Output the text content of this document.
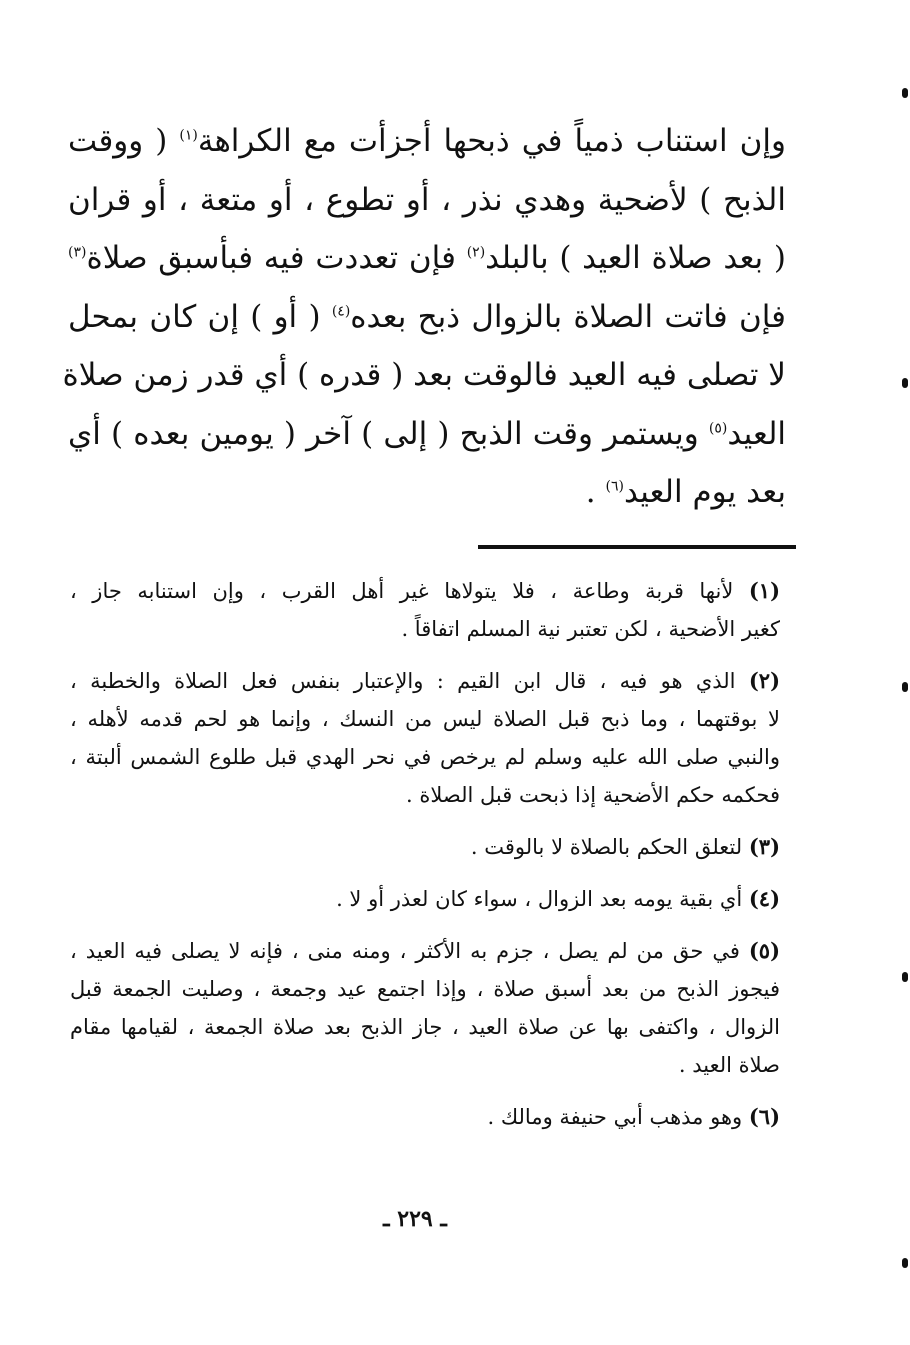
وإن استناب ذمياً في ذبحها أجزأت مع الكراهة$^{(١)}$ ( ووقت
الذبح ) لأضحية وهدي نذر ، أو تطوع ، أو متعة ، أو قران
( بعد صلاة العيد ) بالبلد$^{(٢)}$ فإن تعددت فيه فبأسبق صلاة$^{(٣)}$
فإن فاتت الصلاة بالزوال ذبح بعده$^{(٤)}$ ( أو ) إن كان بمحل
لا تصلى فيه العيد فالوقت بعد ( قدره ) أي قدر زمن صلاة
العيد$^{(٥)}$ ويستمر وقت الذبح ( إلى ) آخر ( يومين بعده ) أي
بعد يوم العيد$^{(٦)}$ .
(١) لأنها قربة وطاعة ، فلا يتولاها غير أهل القرب ، وإن استنابه جاز ،
كغير الأضحية ، لكن تعتبر نية المسلم اتفاقاً .
(٢) الذي هو فيه ، قال ابن القيم : والإعتبار بنفس فعل الصلاة والخطبة ،
لا بوقتهما ، وما ذبح قبل الصلاة ليس من النسك ، وإنما هو لحم قدمه لأهله ،
والنبي صلى الله عليه وسلم لم يرخص في نحر الهدي قبل طلوع الشمس ألبتة ،
فحكمه حكم الأضحية إذا ذبحت قبل الصلاة .
(٣) لتعلق الحكم بالصلاة لا بالوقت .
(٤) أي بقية يومه بعد الزوال ، سواء كان لعذر أو لا .
(٥) في حق من لم يصل ، جزم به الأكثر ، ومنه منى ، فإنه لا يصلى فيه العيد ،
فيجوز الذبح من بعد أسبق صلاة ، وإذا اجتمع عيد وجمعة ، وصليت الجمعة قبل
الزوال ، واكتفى بها عن صلاة العيد ، جاز الذبح بعد صلاة الجمعة ، لقيامها مقام
صلاة العيد .
(٦) وهو مذهب أبي حنيفة ومالك .
ـ ٢٢٩ ـ
